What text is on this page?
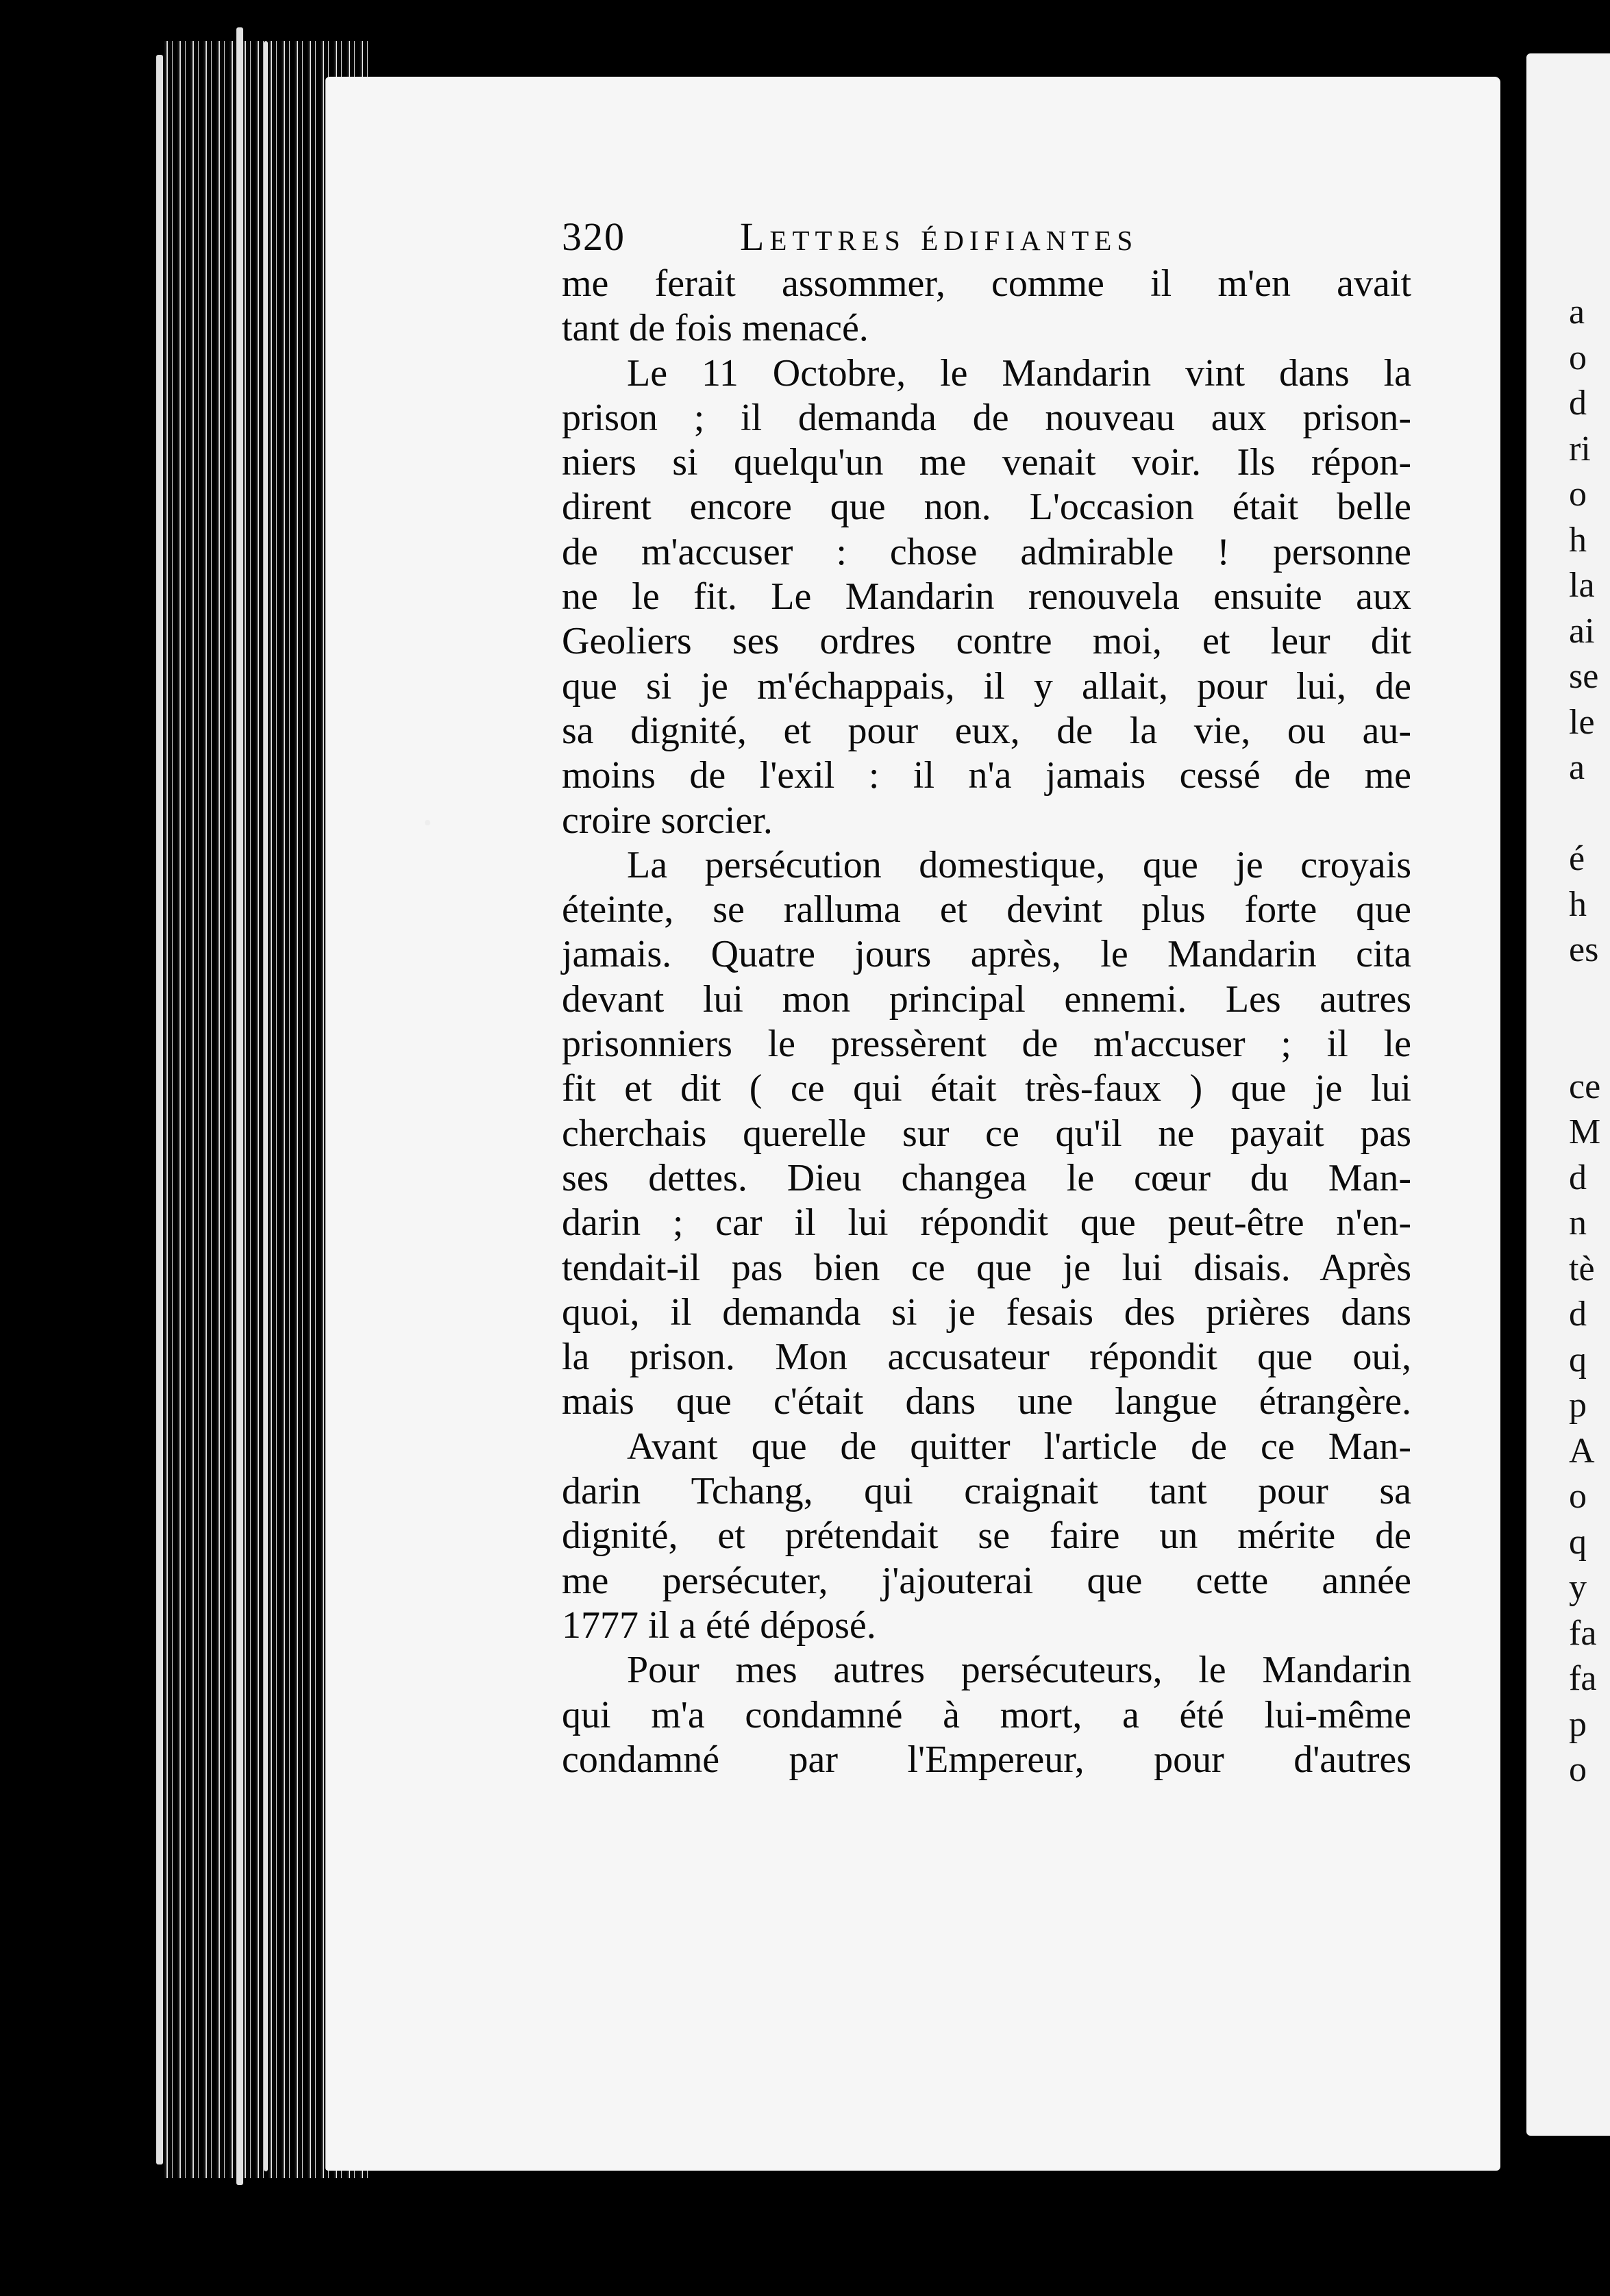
320	Lettres édifiantes
me ferait assommer, comme il m'en avait
tant de fois menacé.
Le 11 Octobre, le Mandarin vint dans la
prison ; il demanda de nouveau aux prison-
niers si quelqu'un me venait voir. Ils répon-
dirent encore que non. L'occasion était belle
de m'accuser : chose admirable ! personne
ne le fit. Le Mandarin renouvela ensuite aux
Geoliers ses ordres contre moi, et leur dit
que si je m'échappais, il y allait, pour lui, de
sa dignité, et pour eux, de la vie, ou au-
moins de l'exil : il n'a jamais cessé de me
croire sorcier.
La persécution domestique, que je croyais
éteinte, se ralluma et devint plus forte que
jamais. Quatre jours après, le Mandarin cita
devant lui mon principal ennemi. Les autres
prisonniers le pressèrent de m'accuser ; il le
fit et dit ( ce qui était très-faux ) que je lui
cherchais querelle sur ce qu'il ne payait pas
ses dettes. Dieu changea le cœur du Man-
darin ; car il lui répondit que peut-être n'en-
tendait-il pas bien ce que je lui disais. Après
quoi, il demanda si je fesais des prières dans
la prison. Mon accusateur répondit que oui,
mais que c'était dans une langue étrangère.
Avant que de quitter l'article de ce Man-
darin Tchang, qui craignait tant pour sa
dignité, et prétendait se faire un mérite de
me persécuter, j'ajouterai que cette année
1777 il a été déposé.
Pour mes autres persécuteurs, le Mandarin
qui m'a condamné à mort, a été lui-même
condamné par l'Empereur, pour d'autres
a
o
d
ri
o
h
la
ai
se
le
a
é
h
es
ce
M
d
n
tè
d
q
p
A
o
q
y
fa
fa
p
o
